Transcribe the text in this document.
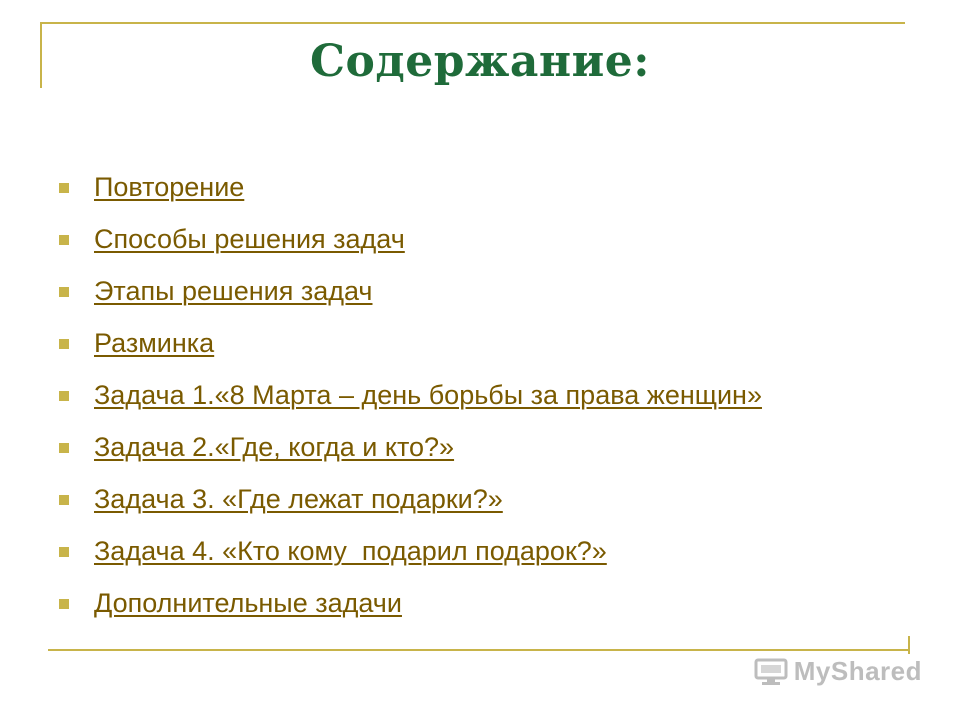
Содержание:
Повторение
Способы решения задач
Этапы решения задач
Разминка
Задача 1.«8 Марта – день борьбы за права женщин»
Задача 2.«Где, когда и кто?»
Задача 3. «Где лежат подарки?»
Задача 4. «Кто кому  подарил подарок?»
Дополнительные задачи
MyShared
